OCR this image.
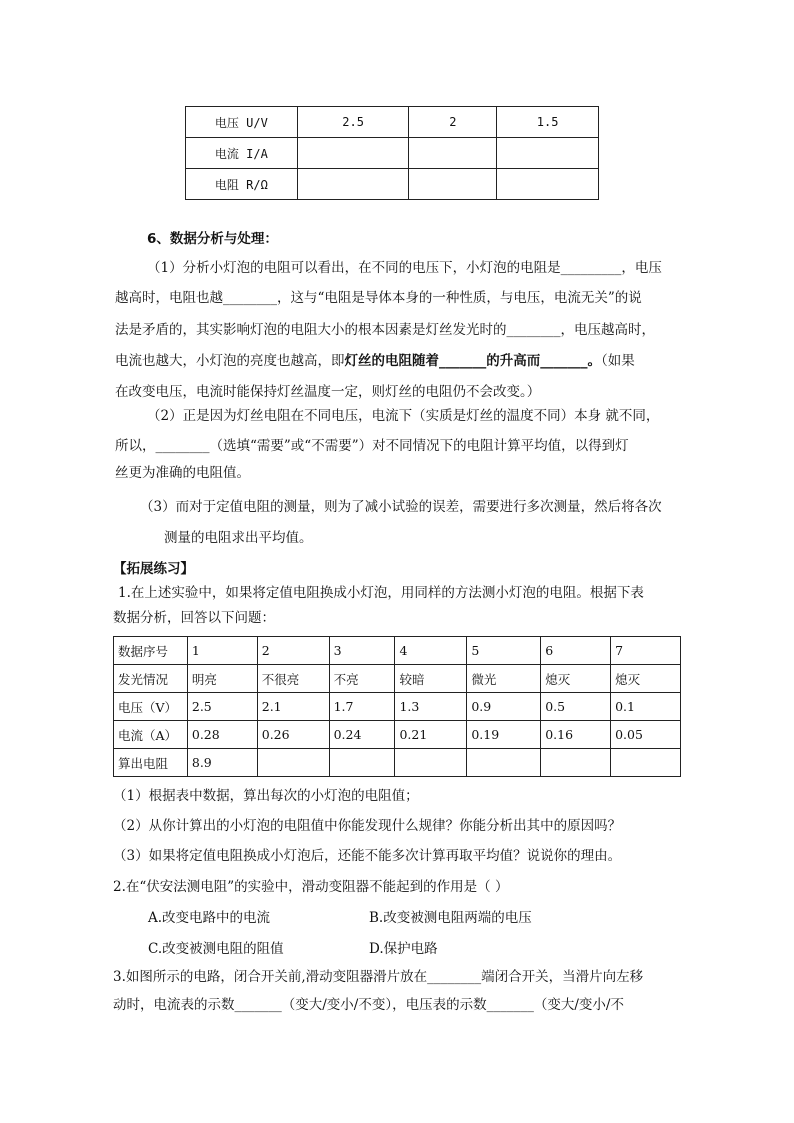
电压 U/V	2.5	2	1.5
电流 I/A			
电阻 R/Ω			
6、数据分析与处理：
（1）分析小灯泡的电阻可以看出，在不同的电压下，小灯泡的电阻是_________，电压
越高时，电阻也越________，这与“电阻是导体本身的一种性质，与电压，电流无关”的说
法是矛盾的，其实影响灯泡的电阻大小的根本因素是灯丝发光时的________，电压越高时，
电流也越大，小灯泡的亮度也越高，即灯丝的电阻随着_______的升高而_______。（如果
在改变电压，电流时能保持灯丝温度一定，则灯丝的电阻仍不会改变。）
（2）正是因为灯丝电阻在不同电压，电流下（实质是灯丝的温度不同）本身 就不同，
所以，________（选填“需要”或“不需要”）对不同情况下的电阻计算平均值，以得到灯
丝更为准确的电阻值。
（3）而对于定值电阻的测量，则为了减小试验的误差，需要进行多次测量，然后将各次
测量的电阻求出平均值。
【拓展练习】
1.在上述实验中，如果将定值电阻换成小灯泡，用同样的方法测小灯泡的电阻。根据下表
数据分析，回答以下问题：
数据序号	1	2	3	4	5	6	7
发光情况	明亮	不很亮	不亮	较暗	微光	熄灭	熄灭
电压（V）	2.5	2.1	1.7	1.3	0.9	0.5	0.1
电流（A）	0.28	0.26	0.24	0.21	0.19	0.16	0.05
算出电阻	8.9						
（1）根据表中数据，算出每次的小灯泡的电阻值；
（2）从你计算出的小灯泡的电阻值中你能发现什么规律？你能分析出其中的原因吗？
（3）如果将定值电阻换成小灯泡后，还能不能多次计算再取平均值？说说你的理由。
2.在“伏安法测电阻”的实验中，滑动变阻器不能起到的作用是（ ）
A.改变电路中的电流	B.改变被测电阻两端的电压
C.改变被测电阻的阻值	D.保护电路
3.如图所示的电路，闭合开关前,滑动变阻器滑片放在________端闭合开关，当滑片向左移
动时，电流表的示数_______（变大/变小/不变），电压表的示数_______（变大/变小/不
